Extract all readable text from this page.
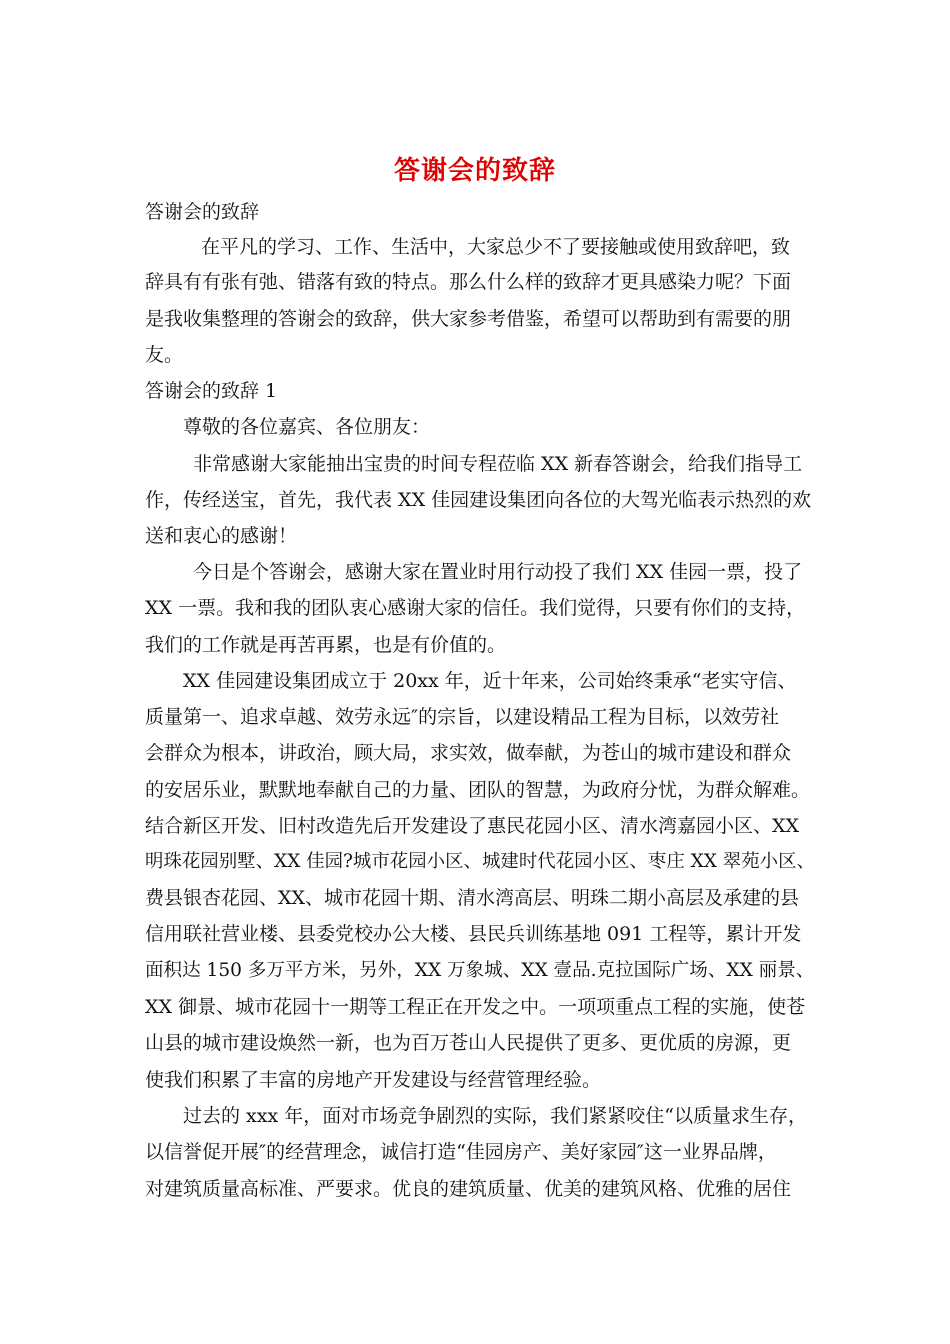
答谢会的致辞
答谢会的致辞
在平凡的学习、工作、生活中，大家总少不了要接触或使用致辞吧，致
辞具有有张有弛、错落有致的特点。那么什么样的致辞才更具感染力呢？下面
是我收集整理的答谢会的致辞，供大家参考借鉴，希望可以帮助到有需要的朋
友。
答谢会的致辞 1
尊敬的各位嘉宾、各位朋友：
非常感谢大家能抽出宝贵的时间专程莅临 XX 新春答谢会，给我们指导工
作，传经送宝，首先，我代表 XX 佳园建设集团向各位的大驾光临表示热烈的欢
送和衷心的感谢！
今日是个答谢会，感谢大家在置业时用行动投了我们 XX 佳园一票，投了
XX 一票。我和我的团队衷心感谢大家的信任。我们觉得，只要有你们的支持，
我们的工作就是再苦再累，也是有价值的。
XX 佳园建设集团成立于 20xx 年，近十年来，公司始终秉承“老实守信、
质量第一、追求卓越、效劳永远″的宗旨，以建设精品工程为目标，以效劳社
会群众为根本，讲政治，顾大局，求实效，做奉献，为苍山的城市建设和群众
的安居乐业，默默地奉献自己的力量、团队的智慧，为政府分忧，为群众解难。
结合新区开发、旧村改造先后开发建设了惠民花园小区、清水湾嘉园小区、XX
明珠花园别墅、XX 佳园?城市花园小区、城建时代花园小区、枣庄 XX 翠苑小区、
费县银杏花园、XX、城市花园十期、清水湾高层、明珠二期小高层及承建的县
信用联社营业楼、县委党校办公大楼、县民兵训练基地 091 工程等，累计开发
面积达 150 多万平方米，另外，XX 万象城、XX 壹品.克拉国际广场、XX 丽景、
XX 御景、城市花园十一期等工程正在开发之中。一项项重点工程的实施，使苍
山县的城市建设焕然一新，也为百万苍山人民提供了更多、更优质的房源，更
使我们积累了丰富的房地产开发建设与经营管理经验。
过去的 xxx 年，面对市场竞争剧烈的实际，我们紧紧咬住“以质量求生存，
以信誉促开展″的经营理念，诚信打造“佳园房产、美好家园″这一业界品牌，
对建筑质量高标准、严要求。优良的建筑质量、优美的建筑风格、优雅的居住
